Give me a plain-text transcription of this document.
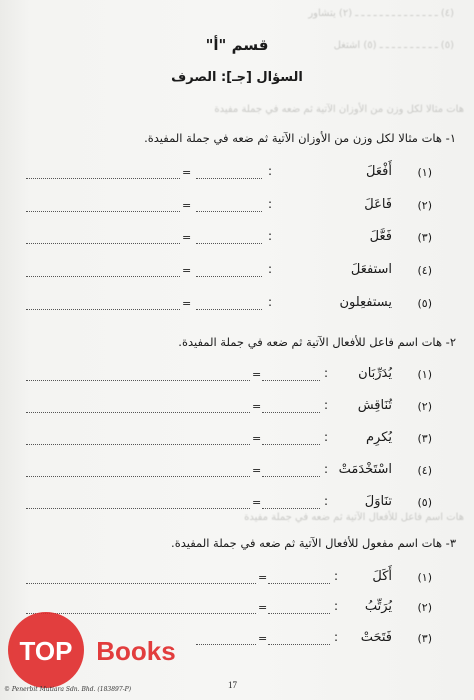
(٤) ـ ـ ـ ـ ـ ـ ـ ـ ـ ـ ـ ـ ـ ـ (٢) يتشاور
(٥) ـ ـ ـ ـ ـ ـ ـ ـ ـ ـ (٥) اشتغل
هات مثالا لكل وزن من الأوزان الآتية ثم ضعه في جملة مفيدة
هات اسم فاعل للأفعال الآتية ثم ضعه في جملة مفيدة
قسم "أ"
السؤال [جـ]: الصرف
١- هات مثالا لكل وزن من الأوزان الآتية ثم ضعه في جملة المفيدة.
(١)
أَفْعَلَ
:
=
(٢)
فَاعَلَ
:
=
(٣)
فَعَّلَ
:
=
(٤)
استفعَلَ
:
=
(٥)
يستفعِلون
:
=
٢- هات اسم فاعل للأفعال الآتية ثم ضعه في جملة المفيدة.
(١)
يُدَرِّبَان
:
=
(٢)
تُنَاقِش
:
=
(٣)
يُكرِم
:
=
(٤)
اسْتَخْدَمَتْ
:
=
(٥)
تنَاوَلَ
:
=
٣- هات اسم مفعول للأفعال الآتية ثم ضعه في جملة المفيدة.
(١)
أَكَلَ
:
=
(٢)
يُرَتِّبُ
:
=
(٣)
فَتَحَتْ
:
=
TOP Books
17
© Penerbit Mutiara Sdn. Bhd. (183897-P)
